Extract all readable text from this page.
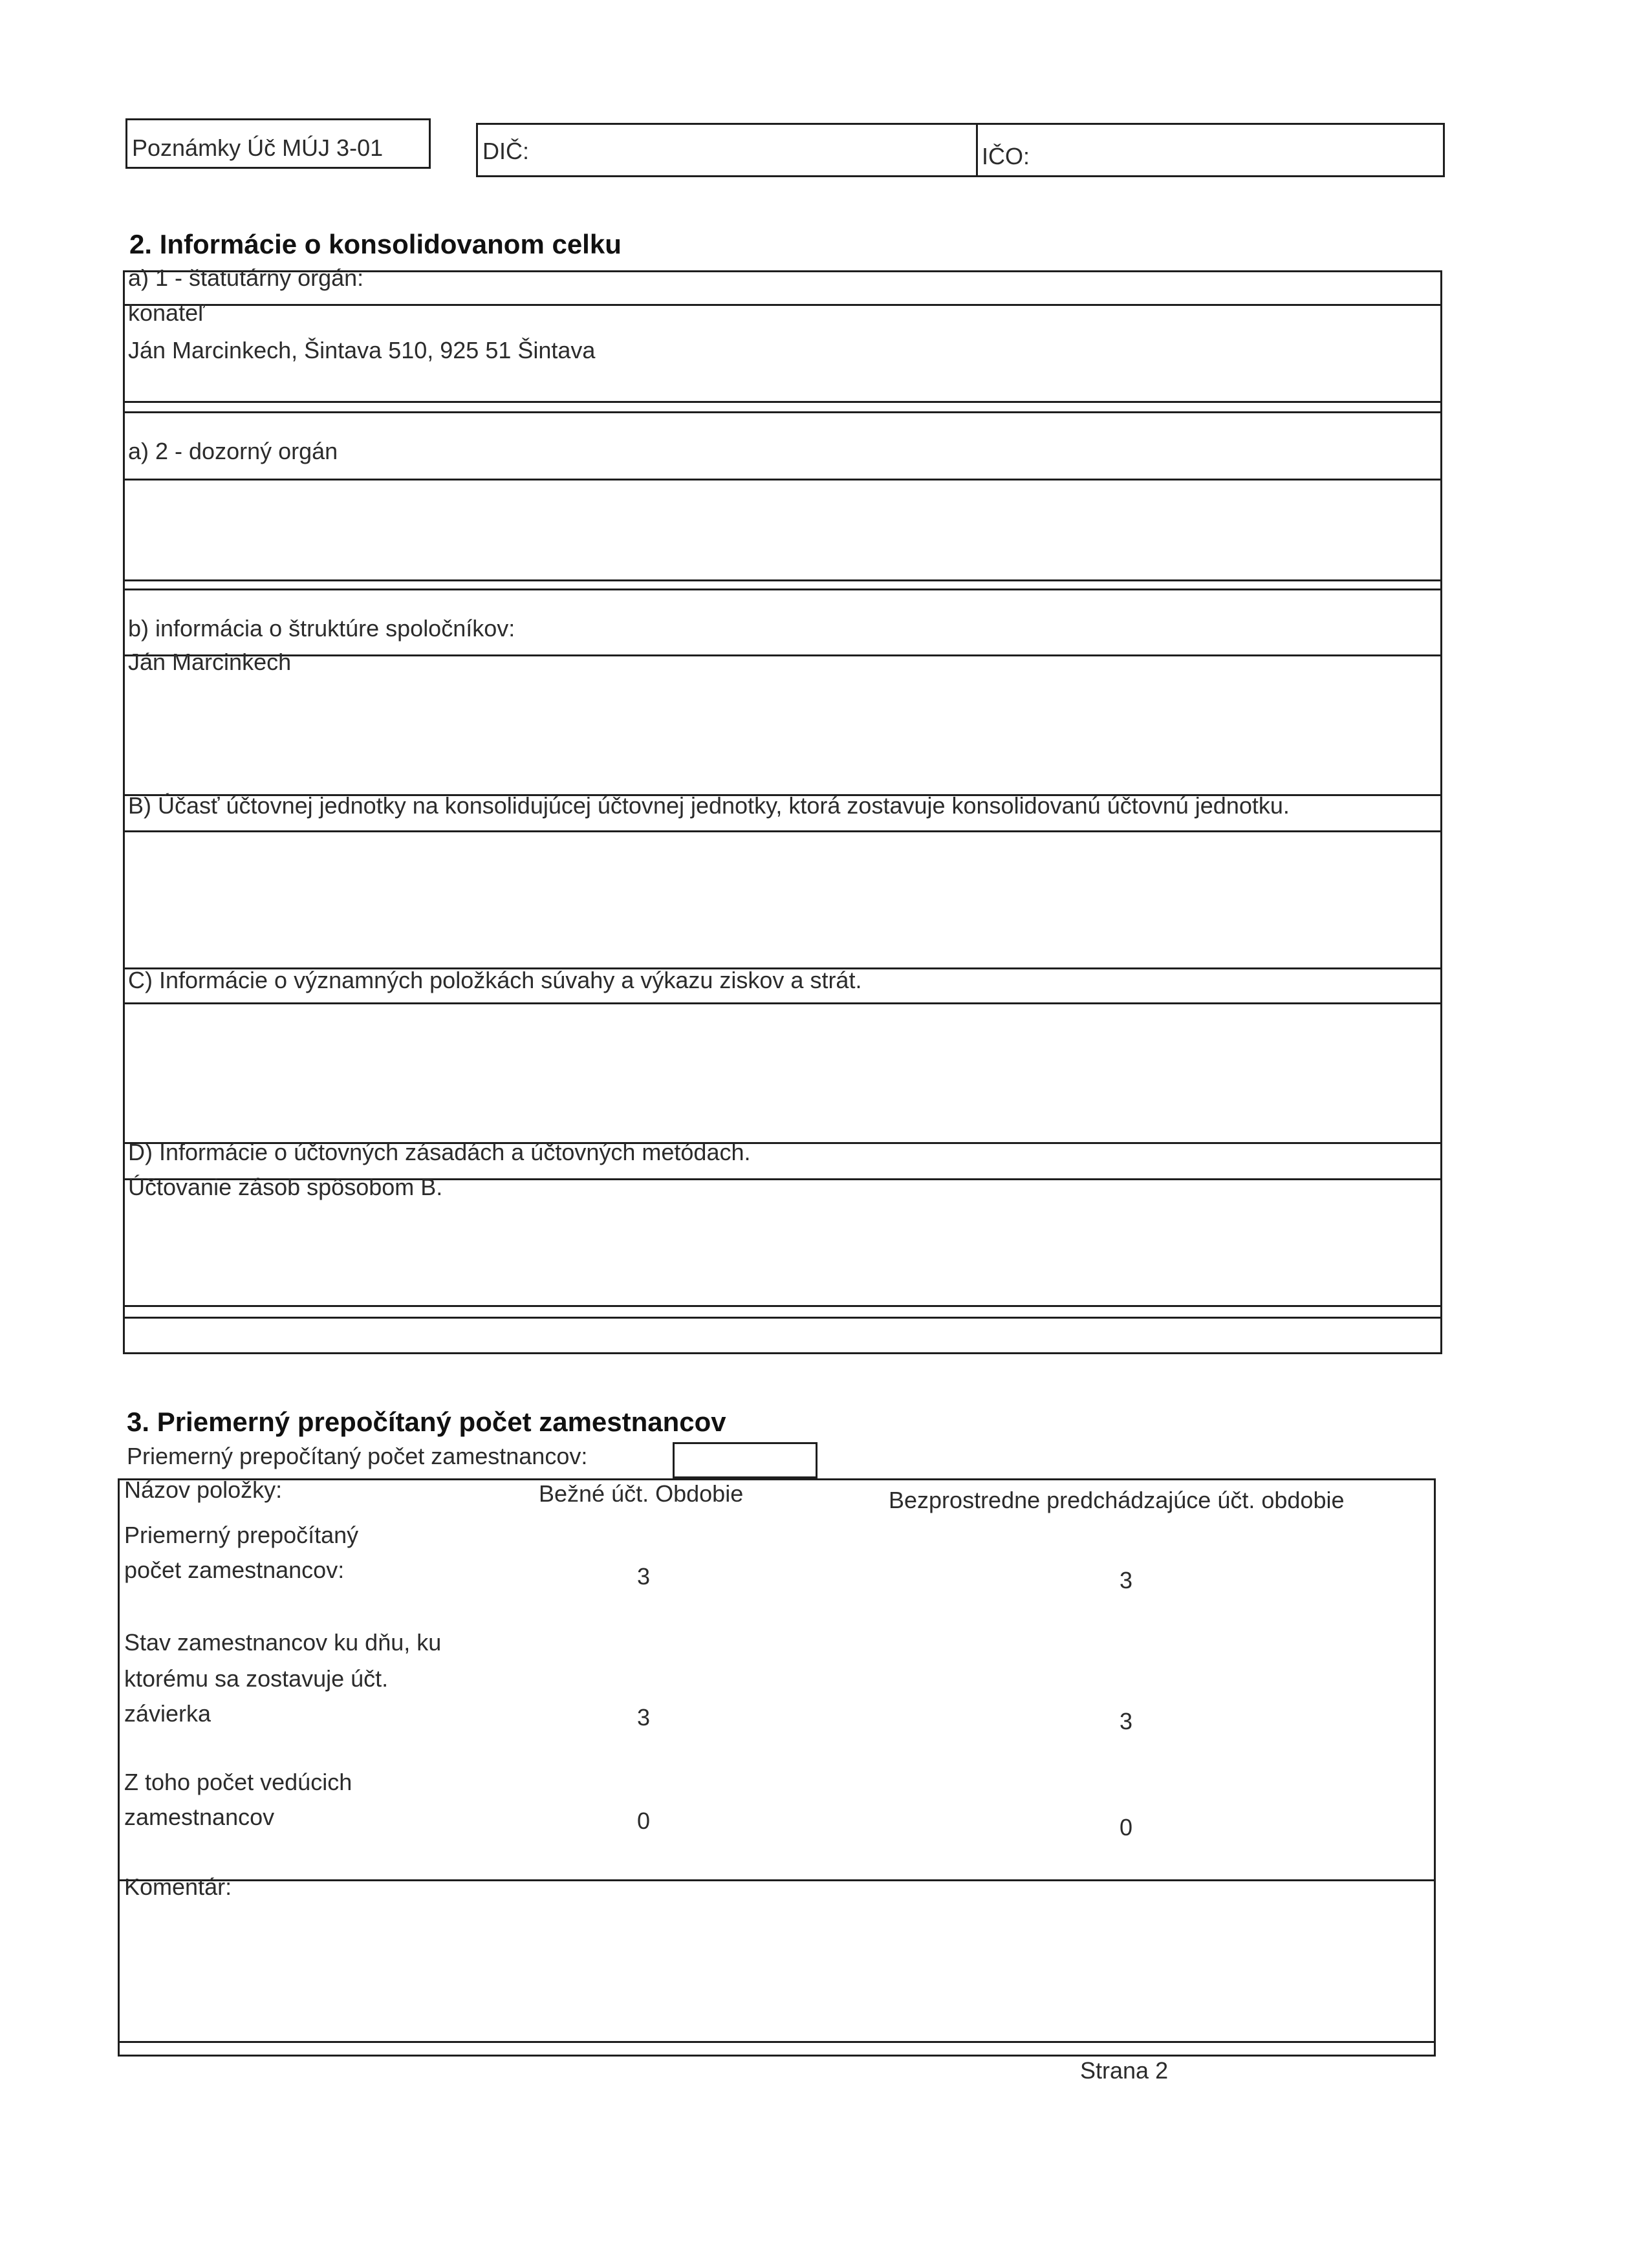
Poznámky Úč MÚJ 3-01	DIČ:	IČO:
2. Informácie o konsolidovanom celku
a) 1 - štatutárny orgán:
konateľ
Ján Marcinkech, Šintava 510, 925 51 Šintava
a) 2 - dozorný orgán
b) informácia o štruktúre spoločníkov:
Ján Marcinkech
B) Účasť účtovnej jednotky na konsolidujúcej účtovnej jednotky, ktorá zostavuje konsolidovanú účtovnú jednotku.
C) Informácie o významných položkách súvahy a výkazu ziskov a strát.
D) Informácie o účtovných zásadách a účtovných metódach.
Účtovanie zásob spôsobom B.
3. Priemerný prepočítaný počet zamestnancov
Priemerný prepočítaný počet zamestnancov:
Názov položky:	Bežné účt. Obdobie	Bezprostredne predchádzajúce účt. obdobie
Priemerný prepočítaný
počet zamestnancov:	3	3
Stav zamestnancov ku dňu, ku
ktorému sa zostavuje účt.
závierka	3	3
Z toho počet vedúcich
zamestnancov	0	0
Komentár:
Strana 2
